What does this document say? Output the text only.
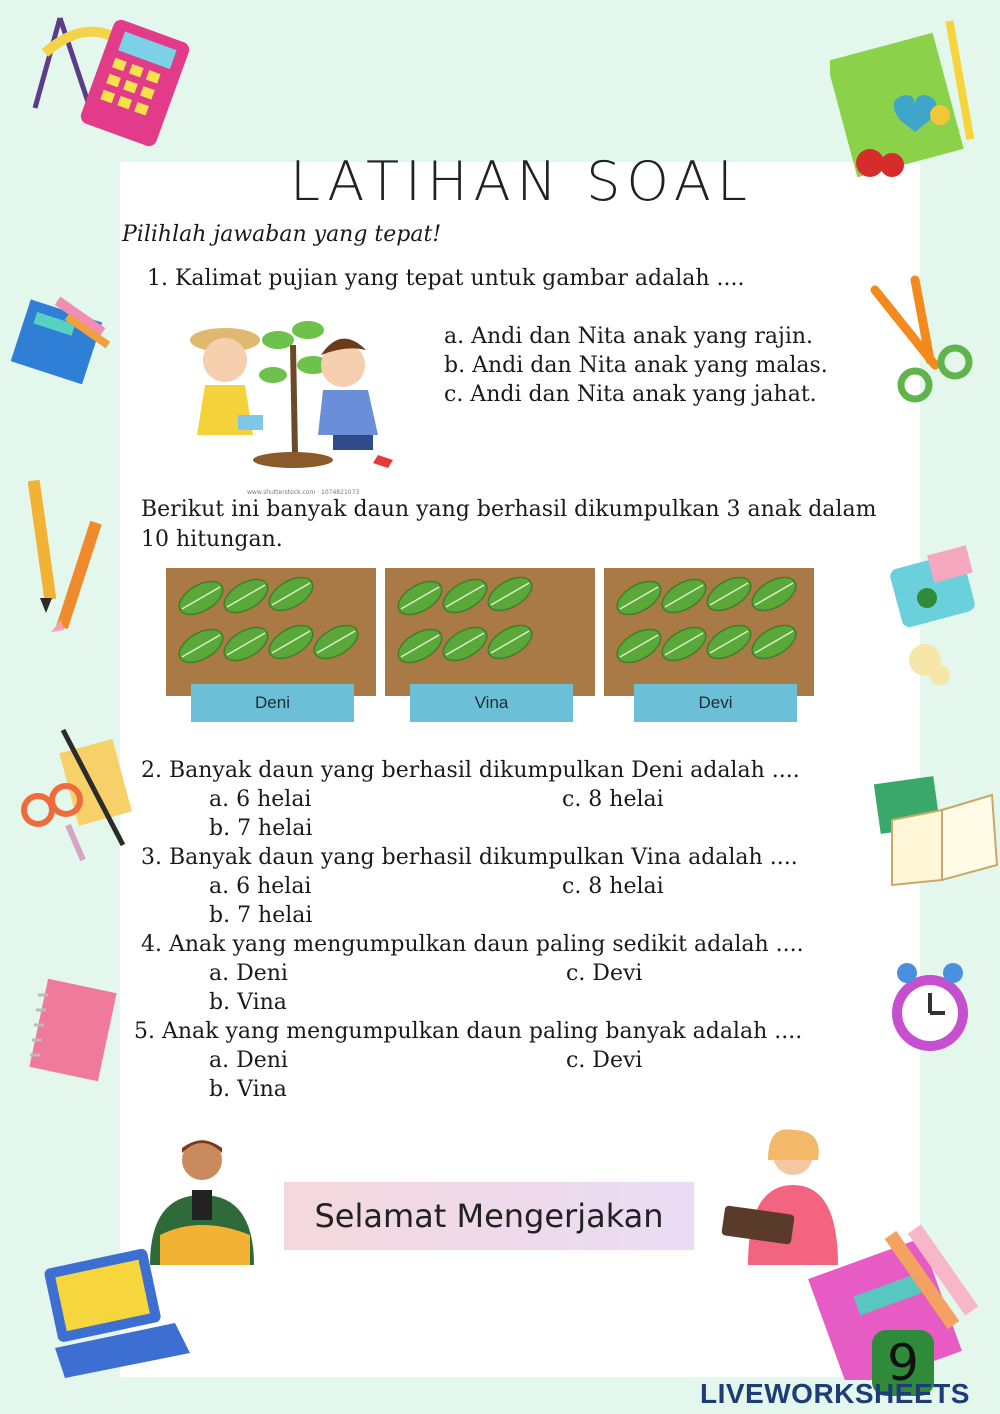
LATIHAN SOAL
Pilihlah jawaban yang tepat!
1. Kalimat pujian yang tepat untuk gambar adalah ....
www.shutterstock.com · 1074821073
a. Andi dan Nita anak yang rajin.
b. Andi dan Nita anak yang malas.
c. Andi dan Nita anak yang jahat.
Berikut ini banyak daun yang berhasil dikumpulkan 3 anak dalam
10 hitungan.
Deni	Vina	Devi
2. Banyak daun yang berhasil dikumpulkan Deni adalah ....
a. 6 helai	c. 8 helai
b. 7 helai
3. Banyak daun yang berhasil dikumpulkan Vina adalah ....
a. 6 helai	c. 8 helai
b. 7 helai
4. Anak yang mengumpulkan daun paling sedikit adalah ....
a. Deni	c. Devi
b. Vina
5. Anak yang mengumpulkan daun paling banyak adalah ....
a. Deni	c. Devi
b. Vina
Selamat Mengerjakan
9
LIVEWORKSHEETS
